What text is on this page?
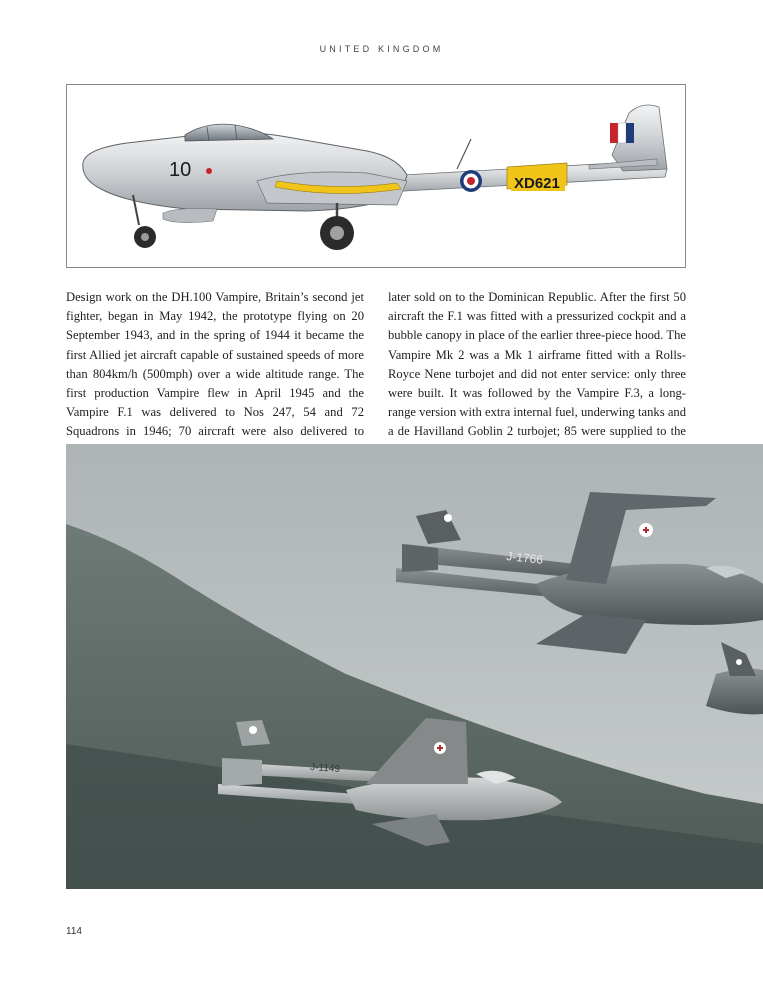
UNITED KINGDOM
10
XD621

Design work on the DH.100 Vampire, Britain’s second jet fighter, began in May 1942, the prototype flying on 20 September 1943, and in the spring of 1944 it became the first Allied jet aircraft capable of sustained speeds of more than 804km/h (500mph) over a wide altitude range. The first production Vampire flew in April 1945 and the Vampire F.1 was delivered to Nos 247, 54 and 72 Squadrons in 1946; 70 aircraft were also delivered to

later sold on to the Dominican Republic. After the first 50 aircraft the F.1 was fitted with a pressurized cockpit and a bubble canopy in place of the earlier three-piece hood. The Vampire Mk 2 was a Mk 1 airframe fitted with a Rolls-Royce Nene turbojet and did not enter service: only three were built. It was followed by the Vampire F.3, a long-range version with extra internal fuel, underwing tanks and a de Havilland Goblin 2 turbojet; 85 were supplied to the

J-1766
J-1149
114
